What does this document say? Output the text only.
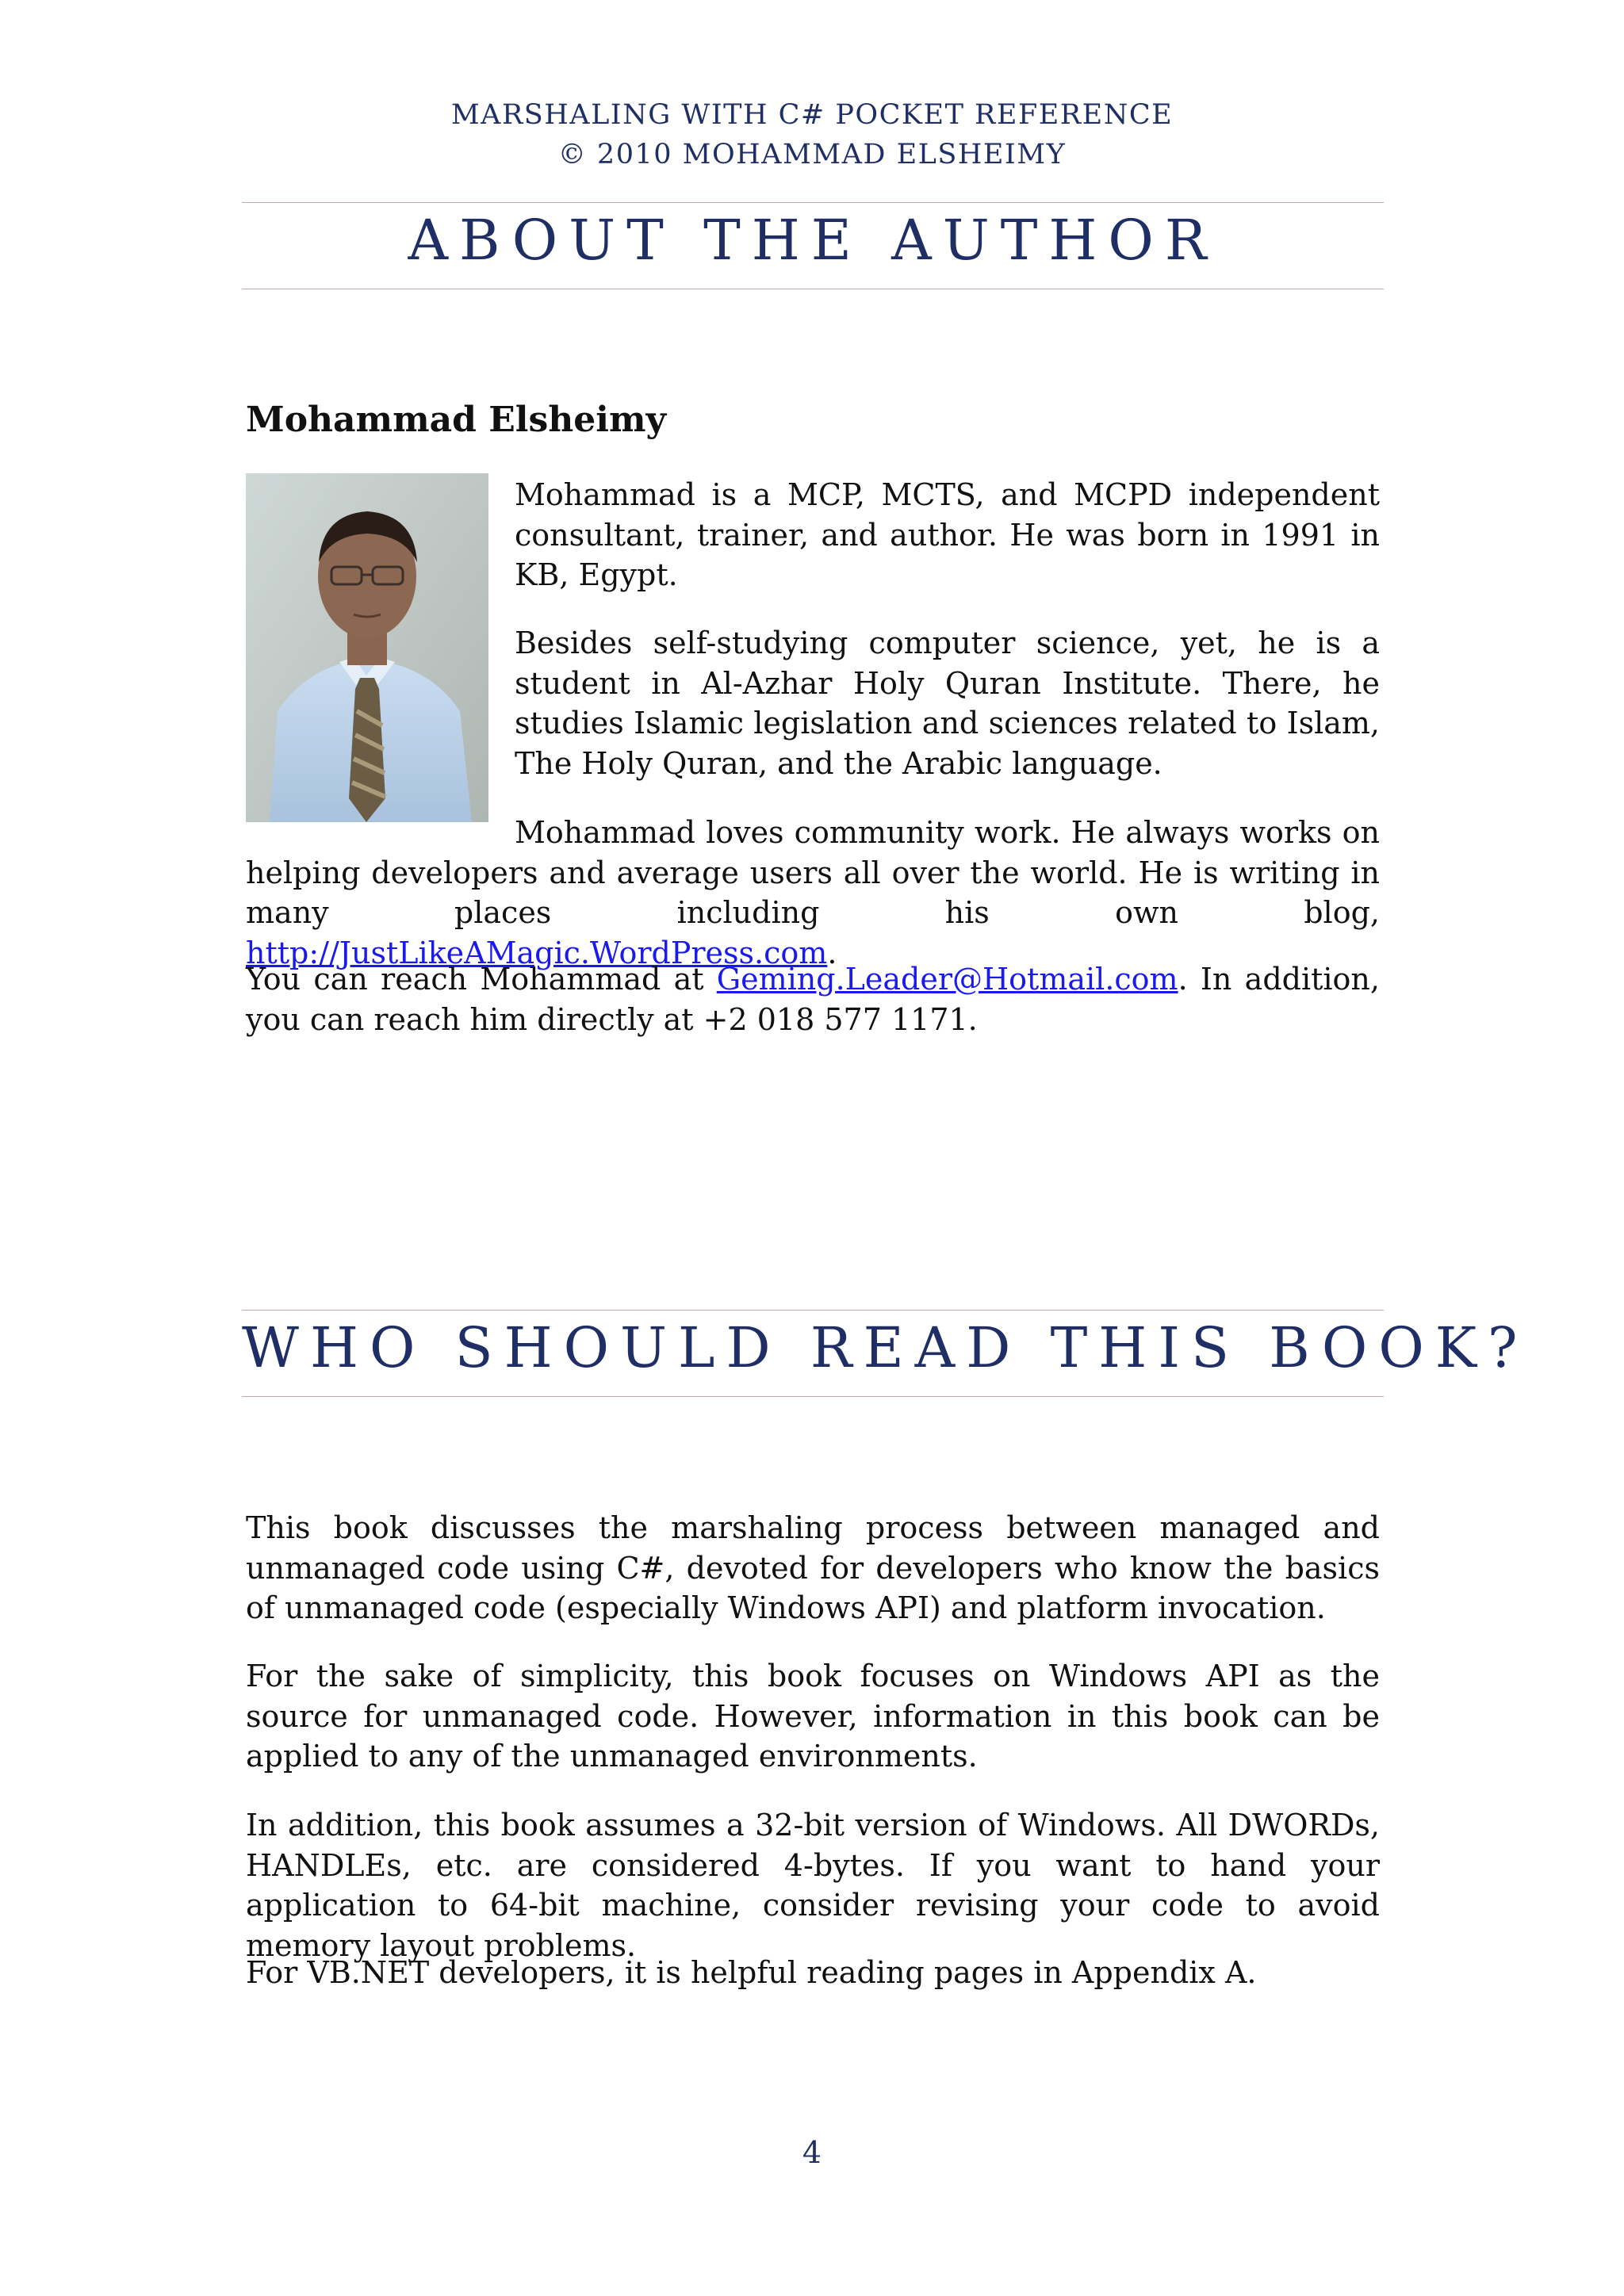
MARSHALING WITH C# POCKET REFERENCE
© 2010 MOHAMMAD ELSHEIMY
ABOUT THE AUTHOR
Mohammad Elsheimy
Mohammad is a MCP, MCTS, and MCPD independent consultant, trainer, and author. He was born in 1991 in KB, Egypt.
Besides self-studying computer science, yet, he is a student in Al-Azhar Holy Quran Institute. There, he studies Islamic legislation and sciences related to Islam, The Holy Quran, and the Arabic language.
Mohammad loves community work. He always works on helping developers and average users all over the world. He is writing in many places including his own blog, http://JustLikeAMagic.WordPress.com.
You can reach Mohammad at Geming.Leader@Hotmail.com. In addition, you can reach him directly at +2 018 577 1171.
WHO SHOULD READ THIS BOOK?
This book discusses the marshaling process between managed and unmanaged code using C#, devoted for developers who know the basics of unmanaged code (especially Windows API) and platform invocation.
For the sake of simplicity, this book focuses on Windows API as the source for unmanaged code. However, information in this book can be applied to any of the unmanaged environments.
In addition, this book assumes a 32-bit version of Windows. All DWORDs, HANDLEs, etc. are considered 4-bytes. If you want to hand your application to 64-bit machine, consider revising your code to avoid memory layout problems.
For VB.NET developers, it is helpful reading pages in Appendix A.
4
